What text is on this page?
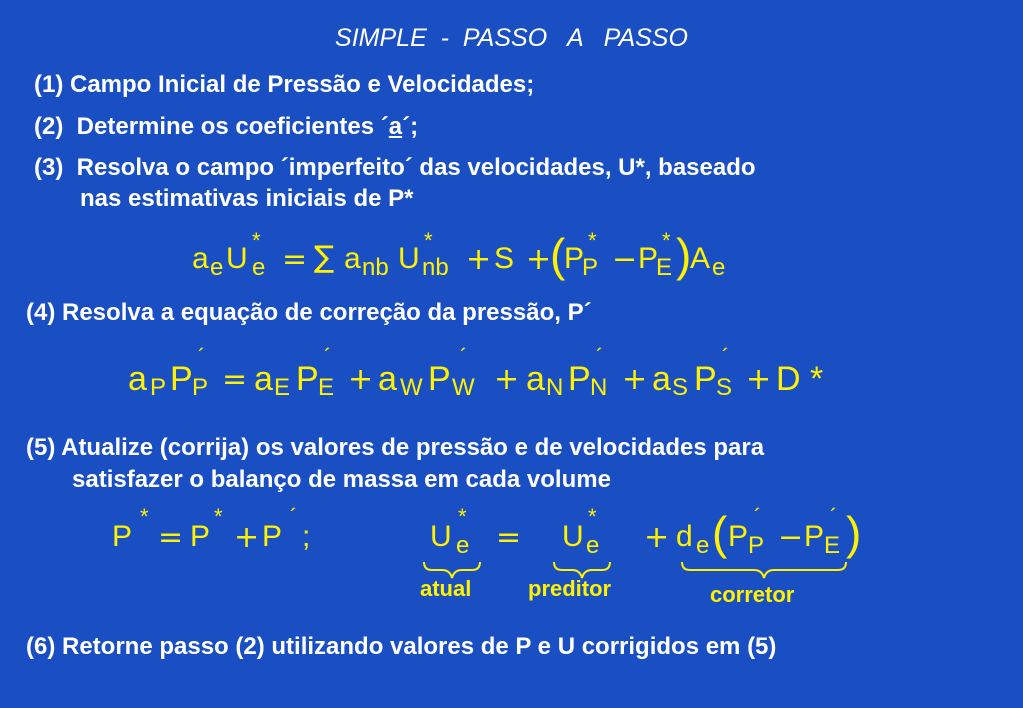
SIMPLE  -  PASSO   A   PASSO
(1) Campo Inicial de Pressão e Velocidades;
(2)  Determine os coeficientes ´a´;
(3)  Resolva o campo ´imperfeito´ das velocidades, U*, baseado
nas estimativas iniciais de P*
a e U
*
e = ∑ a nb U
*
nb + S +
(
P
*
P − P
*
E )
A e
(4) Resolva a equação de correção da pressão, P´
a P P
´
P = a E P
´
E + a W P
´
W + a N P
´
N + a S P
´
S + D *
(5) Atualize (corrija) os valores de pressão e de velocidades para
satisfazer o balanço de massa em cada volume
P
*
= P
*
+ P
´
;	U
*
e = U
*
e + d e ( P
´
P − P
´
E )
atual	preditor	corretor
(6) Retorne passo (2) utilizando valores de P e U corrigidos em (5)
